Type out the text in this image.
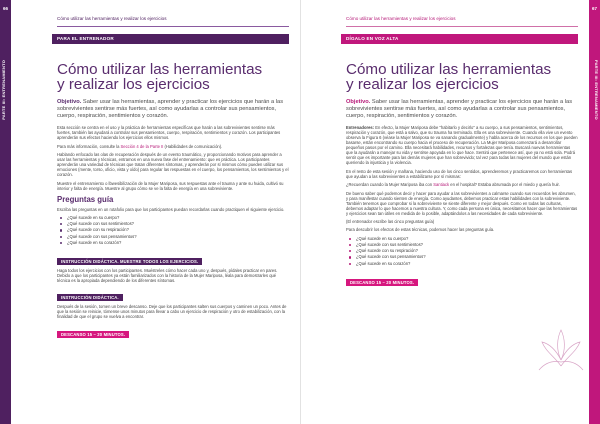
66
PARTE III: ENTRENAMIENTO
Cómo utilizar las herramientas y realizar los ejercicios
PARA EL ENTRENADOR
Cómo utilizar las herramientas
y realizar los ejercicios
Objetivo. Saber usar las herramientas, aprender y practicar los ejercicios que harán a las sobrevivientes sentirse más fuertes, así como ayudarlas a controlar sus pensamientos, cuerpo, respiración, sentimientos y corazón.

Esta sección se centra en el uso y la práctica de herramientas específicas que harán a las sobrevivientes sentirse más fuertes, también las ayudará a controlar sus pensamientos, cuerpo, respiración, sentimientos y corazón. Los participantes aprenderán sus efectos haciendo los ejercicios ellos mismos.

Para más información, consulte la Sección 4 de la Parte II (Habilidades de comunicación).

Hablando enfocado las olas de recuperación después de un evento traumático, y proporcionando motivos para aprender a usar las herramientas y técnicas, entramos en una nueva fase del entrenamiento: que es práctica. Los participantes aprenderán una variedad de técnicas que tratan diferentes síntomas, y aprenderán por sí mismos cómo pueden utilizar sus emociones (mente, torso, oficio, vista y oído) para regular las respuestas en el cuerpo, los pensamientos, los sentimientos y el corazón.

Muestre el entrenamiento o lbwesibilización de la Mujer Mariposa, sus respuestas ante el trauma y ante su huida, cultivó su interior y falta de energía. Muestre al grupo cómo se ve la falta de energía en una sobreviviente.

Preguntas guía

Escriba las preguntas en un rotafolio para que los participantes puedan recordarlas cuando practiquen el siguiente ejercicio.

¿Qué sucede en su cuerpo?
¿Qué sucede con sus sentimientos?
¿Qué sucede con su respiración?
¿Qué sucede con sus pensamientos?
¿Qué sucede en su corazón?
INSTRUCCIÓN DIDÁCTICA. MUESTRE TODOS LOS EJERCICIOS.

Haga todos los ejercicios con los participantes. Muéstreles cómo hacer cada uno y, después, pídales practicar en pares. Debido a que los participantes ya están familiarizados con la historia de la Mujer Mariposa, léala para demostrarles qué técnica es la apropiada dependiendo de los diferentes síntomas.

INSTRUCCIÓN DIDÁCTICA.

Después de la sesión, tomen un breve descanso. Deje que los participantes salten sus cuerpos y caminen un poco. Antes de que la sesión se reinicie, tómense unos minutos para llevar a cabo un ejercicio de respiración y otro de estabilización, con la finalidad de que el grupo se vuelva a encontrar.

DESCANSO 15 – 20 MINUTOS.
67
PARTE III: ENTRENAMIENTO
Cómo utilizar las herramientas y realizar los ejercicios
DÍGALO EN VOZ ALTA
Cómo utilizar las herramientas
y realizar los ejercicios
Objetivo. Saber usar las herramientas, aprender y practicar los ejercicios que harán a las sobrevivientes sentirse más fuertes, así como ayudarlas a controlar sus pensamientos, cuerpo, respiración, sentimientos y corazón.

Entrenadores: En efecto, la Mujer Mariposa debe "habitarlo y decirlo" a su cuerpo, a sus pensamientos, sentimientos, respiración y corazón, que está a salvo, que su trauma ha terminado. Ella es una sobreviviente. Cuando ella vive un evento observa la Figura 6 (véase la Mujer Mariposa se va sanando gradualmente) y habla acerca de los recursos en los que pueden basarse, están encontrando su cuerpo hacia el proceso de recuperación. La Mujer Mariposa comenzará a desarrollar pequeños pasos por el camino. Ella necesitará habilidades, recursos y fortalezas que tenía. Buscará nuevas herramientas que la ayudarán a manejar su vida y sentirse apoyada en lo que hace. Sentirá que pertenece así, que ya no está sola. Podrá sentir que es importante para las demás mujeres que han sobrevivido; tal vez para todas las mujeres del mundo que están queriendo la injusticia y la violencia.

En el resto de esta sesión y mañana, haciendo uso de los cinco sentidos, aprenderemos y practicaremos con herramientas que ayudan a las sobrevivientes a estabilizarse por sí mismas:

¿Recuerdan cuando la Mujer Mariposa iba con Santiack en el hospital? Estaba abrumada por el miedo y quería huir.

De bueno saber qué podemos decir y hacer para ayudar a las sobrevivientes a calmarse cuando sus recuerdos les abrumen, y para manifestar cuando sienten de energía. Como ayudantes, debemos practicar estas habilidades con la sobreviviente. También tenemos que comprobar si la sobreviviente se siente diferente y mejor después. Como en todas las culturas, debemos adaptar lo que hacemos a nuestra cultura. Y, como cada persona es única, necesitamos hacer que las herramientas y ejercicios sean tan útiles en medida de lo posible, adaptándolos a las necesidades de cada sobreviviente.

(El entrenador escribe las cinco preguntas guía)

Para descubrir los efectos de estas técnicas, podemos hacer las preguntas guía.

¿Qué sucede en su cuerpo?
¿Qué sucede con sus sentimientos?
¿Qué sucede con su respiración?
¿Qué sucede con sus pensamientos?
¿Qué sucede en su corazón?
DESCANSO 15 – 20 MINUTOS.
